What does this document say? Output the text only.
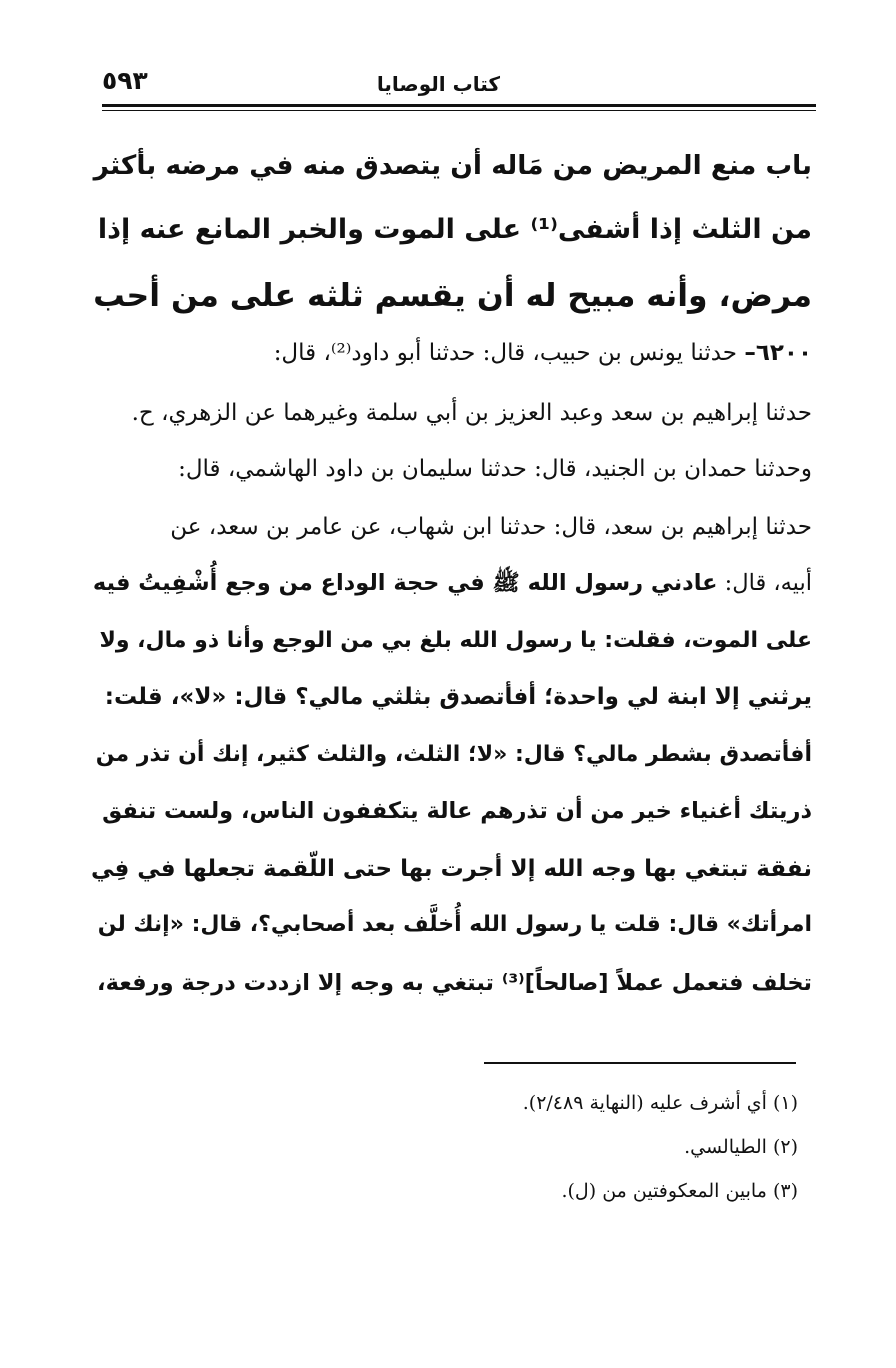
كتاب الوصايا
٥٩٣
باب منع المريض من مَاله أن يتصدق منه في مرضه بأكثر
من الثلث إذا أشفى⁽¹⁾ على الموت والخبر المانع عنه إذا
مرض، وأنه مبيح له أن يقسم ثلثه على من أحب
٦٢٠٠– حدثنا يونس بن حبيب، قال: حدثنا أبو داود⁽²⁾، قال:
حدثنا إبراهيم بن سعد وعبد العزيز بن أبي سلمة وغيرهما عن الزهري، ح.
وحدثنا حمدان بن الجنيد، قال: حدثنا سليمان بن داود الهاشمي، قال:
حدثنا إبراهيم بن سعد، قال: حدثنا ابن شهاب، عن عامر بن سعد، عن
أبيه، قال: عادني رسول الله ﷺ في حجة الوداع من وجع أُشْفِيتُ فيه
على الموت، فقلت: يا رسول الله بلغ بي من الوجع وأنا ذو مال، ولا
يرثني إلا ابنة لي واحدة؛ أفأتصدق بثلثي مالي؟ قال: «لا»، قلت:
أفأتصدق بشطر مالي؟ قال: «لا؛ الثلث، والثلث كثير، إنك أن تذر من
ذريتك أغنياء خير من أن تذرهم عالة يتكففون الناس، ولست تنفق
نفقة تبتغي بها وجه الله إلا أجرت بها حتى اللّقمة تجعلها في فِي
امرأتك» قال: قلت يا رسول الله أُخلَّف بعد أصحابي؟، قال: «إنك لن
تخلف فتعمل عملاً [صالحاً]⁽³⁾ تبتغي به وجه إلا ازددت درجة ورفعة،
(١) أي أشرف عليه (النهاية ٢/٤٨٩).
(٢) الطيالسي.
(٣) مابين المعكوفتين من (ل).
